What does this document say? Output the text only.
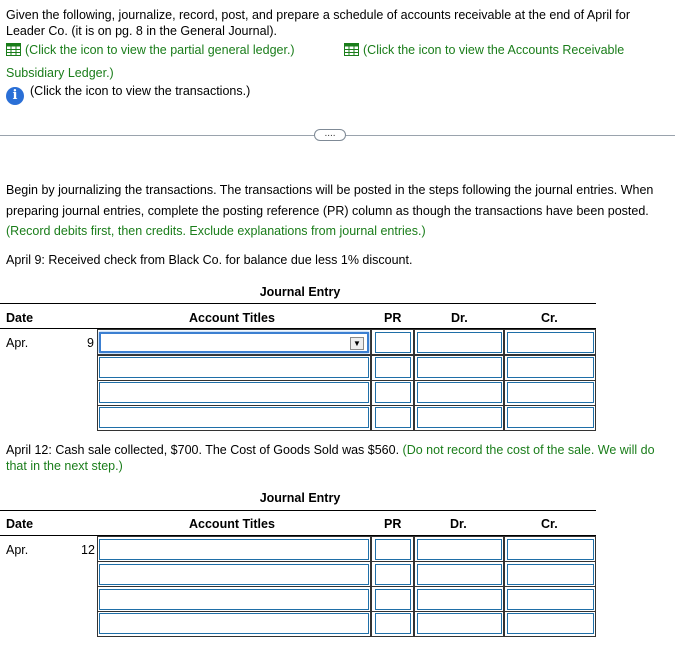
Given the following, journalize, record, post, and prepare a schedule of accounts receivable at the end of April for Leader Co. (it is on pg. 8 in the General Journal).
(Click the icon to view the partial general ledger.)	(Click the icon to view the Accounts Receivable
Subsidiary Ledger.)
i (Click the icon to view the transactions.)
....
Begin by journalizing the transactions. The transactions will be posted in the steps following the journal entries. When preparing journal entries, complete the posting reference (PR) column as though the transactions have been posted. (Record debits first, then credits. Exclude explanations from journal entries.)
April 9: Received check from Black Co. for balance due less 1% discount.
Journal Entry
Date	Account Titles	PR	Dr.	Cr.
Apr.	9	▼
April 12: Cash sale collected, $700. The Cost of Goods Sold was $560. (Do not record the cost of the sale. We will do that in the next step.)
Journal Entry
Date	Account Titles	PR	Dr.	Cr.
Apr.	12
